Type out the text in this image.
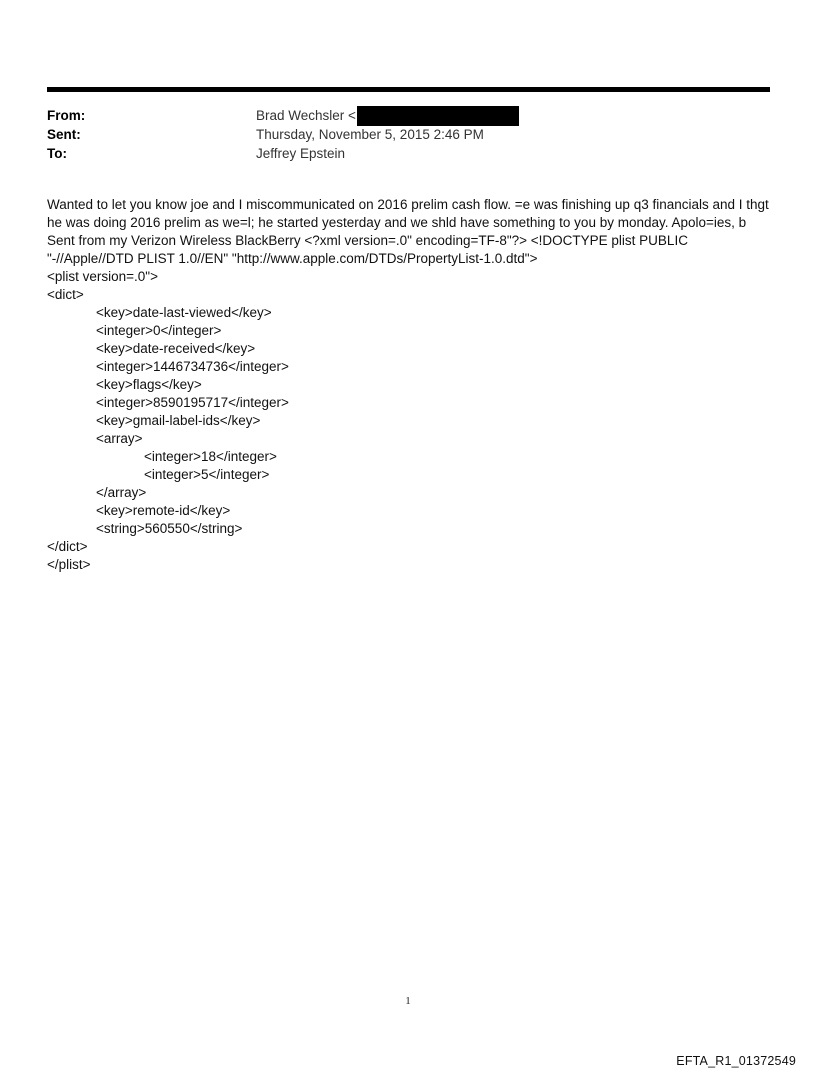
From:	Brad Wechsler <
Sent:	Thursday, November 5, 2015 2:46 PM
To:	Jeffrey Epstein

Wanted to let you know joe and I miscommunicated on 2016 prelim cash flow. =e was finishing up q3 financials and I thgt he was doing 2016 prelim as we=l; he started yesterday and we shld have something to you by monday. Apolo=ies, b Sent from my Verizon Wireless BlackBerry <?xml version=.0" encoding=TF-8"?> <!DOCTYPE plist PUBLIC "-//Apple//DTD PLIST 1.0//EN" "http://www.apple.com/DTDs/PropertyList-1.0.dtd">

<plist version=.0">
<dict>
<key>date-last-viewed</key>
<integer>0</integer>
<key>date-received</key>
<integer>1446734736</integer>
<key>flags</key>
<integer>8590195717</integer>
<key>gmail-label-ids</key>
<array>
<integer>18</integer>
<integer>5</integer>
</array>
<key>remote-id</key>
<string>560550</string>
</dict>
</plist>
1
EFTA_R1_01372549
